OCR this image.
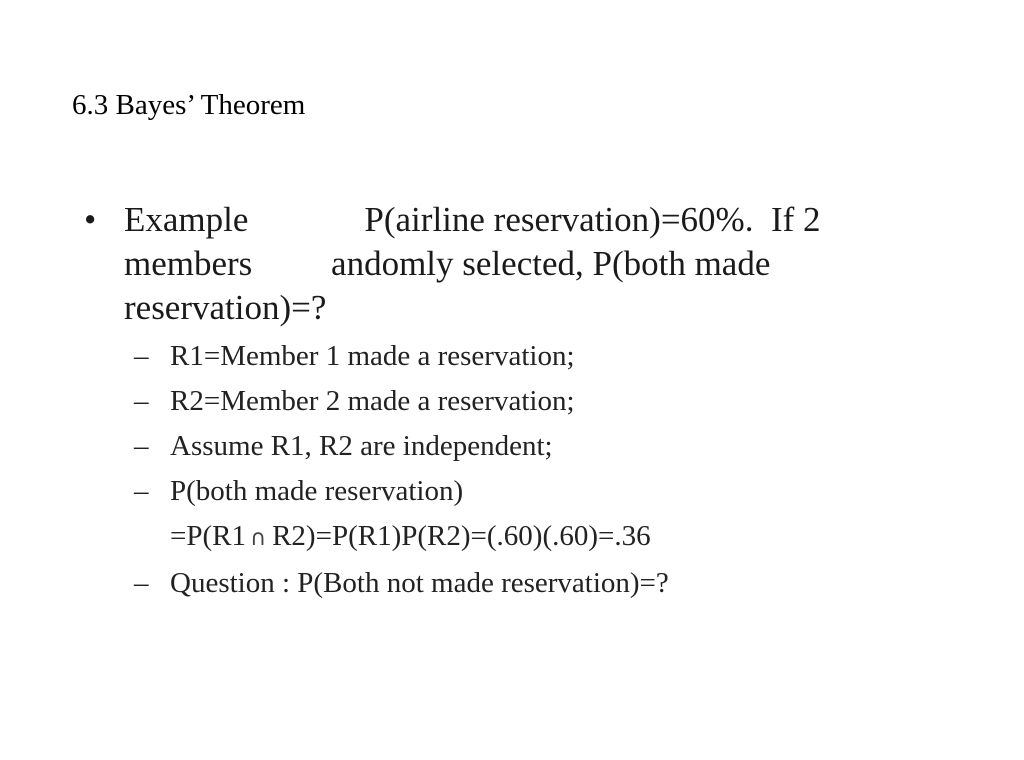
6.3 Bayes’ Theorem
• Example	P(airline reservation)=60%.  If 2
members andomly selected, P(both made
reservation)=?
– R1=Member 1 made a reservation;
– R2=Member 2 made a reservation;
– Assume R1, R2 are independent;
– P(both made reservation)
=P(R1 ∩ R2)=P(R1)P(R2)=(.60)(.60)=.36
– Question : P(Both not made reservation)=?
